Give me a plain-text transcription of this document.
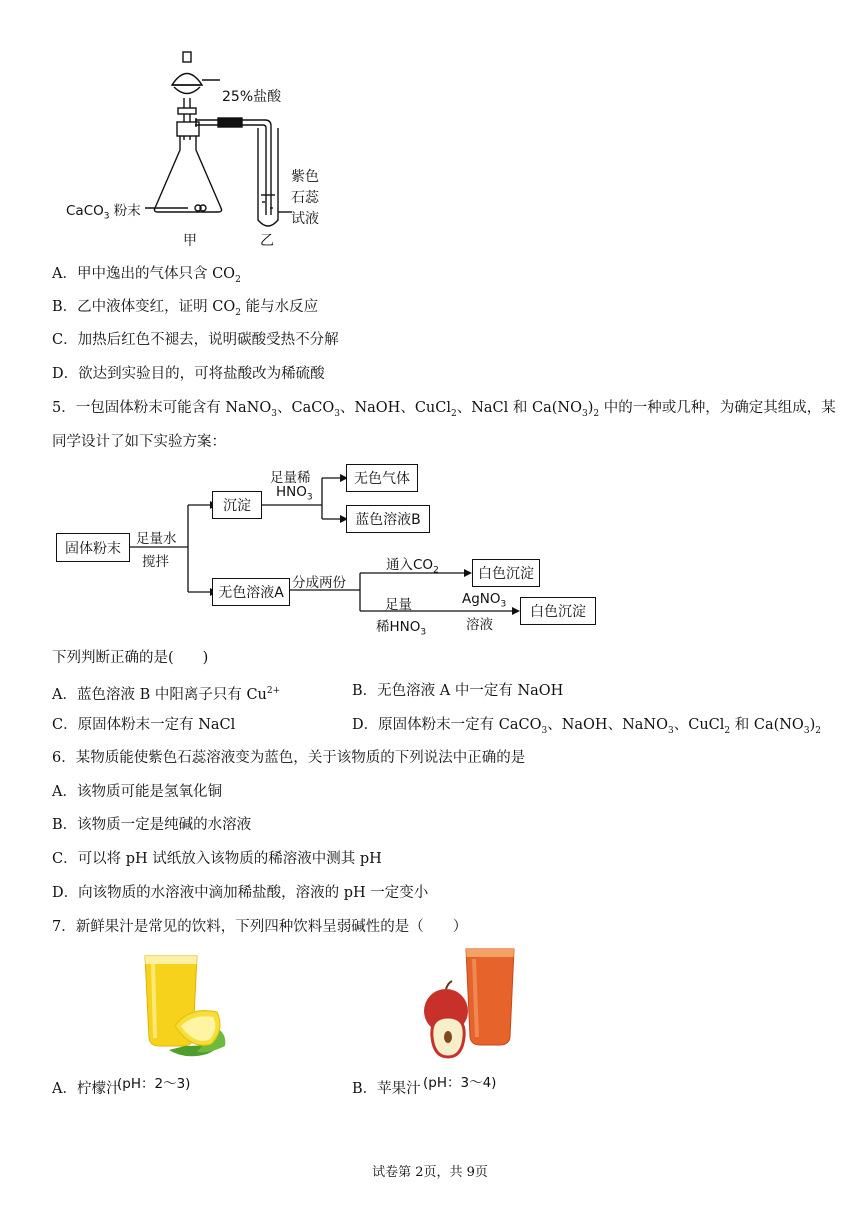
25%盐酸
CaCO$_3$ 粉末
甲	乙
紫色
石蕊
试液
A．甲中逸出的气体只含 $CO_2$
B．乙中液体变红，证明 $CO_2$ 能与水反应
C．加热后红色不褪去，说明碳酸受热不分解
D．欲达到实验目的，可将盐酸改为稀硫酸
5．一包固体粉末可能含有 NaNO$_3$、CaCO$_3$、NaOH、CuCl$_2$、NaCl 和 $Ca(NO_3)_2$ 中的一种或几种，为确定其组成，某
同学设计了如下实验方案：
固体粉末
足量水
搅拌
沉淀
足量稀
$HNO_3$
无色气体
蓝色溶液B
无色溶液A
分成两份
通入$CO_2$	白色沉淀
足量
稀$HNO_3$
AgNO$_3$
溶液
白色沉淀
下列判断正确的是(　　)
A．蓝色溶液 B 中阳离子只有 $Cu^{2+}$	B．无色溶液 A 中一定有 NaOH
C．原固体粉末一定有 NaCl	D．原固体粉末一定有 CaCO$_3$、NaOH、NaNO$_3$、CuCl$_2$ 和 $Ca(NO_3)_2$
6．某物质能使紫色石蕊溶液变为蓝色，关于该物质的下列说法中正确的是
A．该物质可能是氢氧化铜
B．该物质一定是纯碱的水溶液
C．可以将 pH 试纸放入该物质的稀溶液中测其 pH
D．向该物质的水溶液中滴加稀盐酸，溶液的 pH 一定变小
7．新鲜果汁是常见的饮料，下列四种饮料呈弱碱性的是（　　）
A．柠檬汁
(pH：2～3)	B．苹果汁 (pH：3～4)
试卷第 2页，共 9页
